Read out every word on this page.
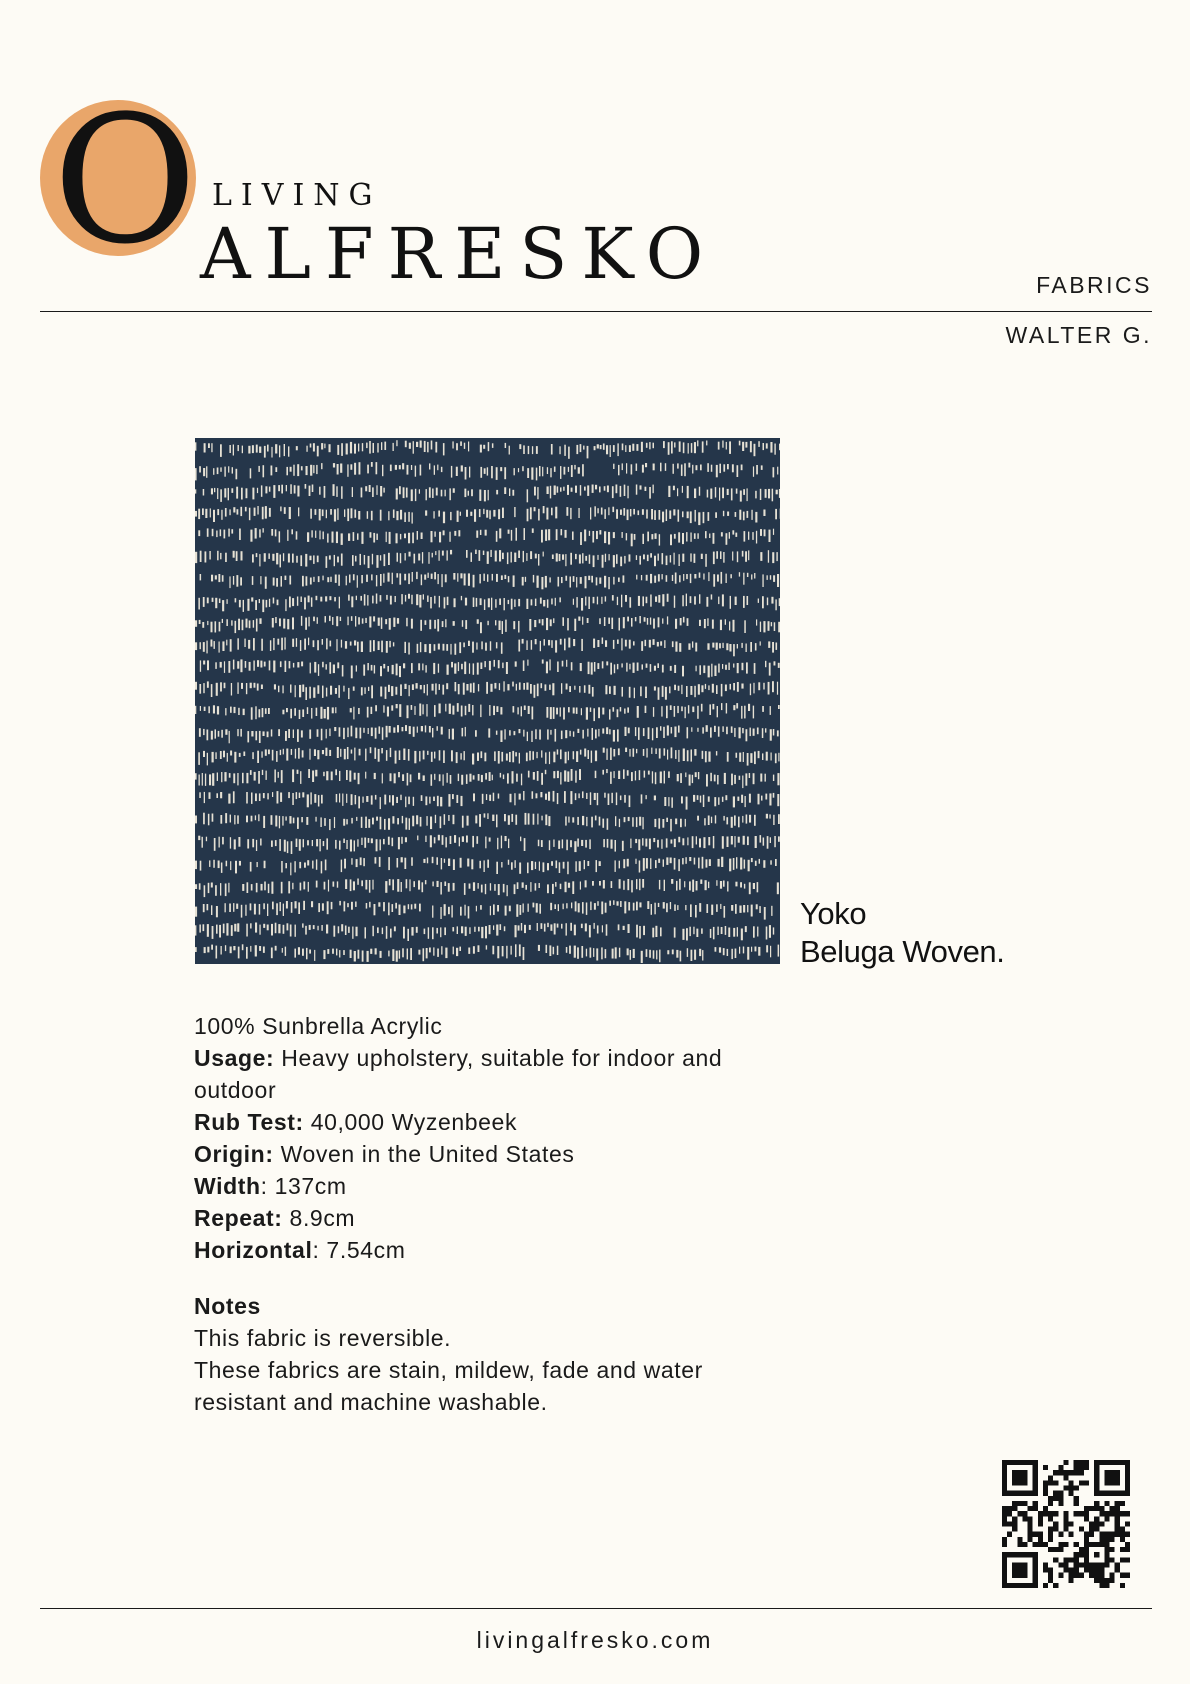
O LIVING
ALFRESKO	FABRICS
WALTER G.
Yoko
Beluga Woven.
100% Sunbrella Acrylic
Usage: Heavy upholstery, suitable for indoor and
outdoor
Rub Test: 40,000 Wyzenbeek
Origin: Woven in the United States
Width: 137cm
Repeat: 8.9cm
Horizontal: 7.54cm
Notes
This fabric is reversible.
These fabrics are stain, mildew, fade and water
resistant and machine washable.
livingalfresko.com
